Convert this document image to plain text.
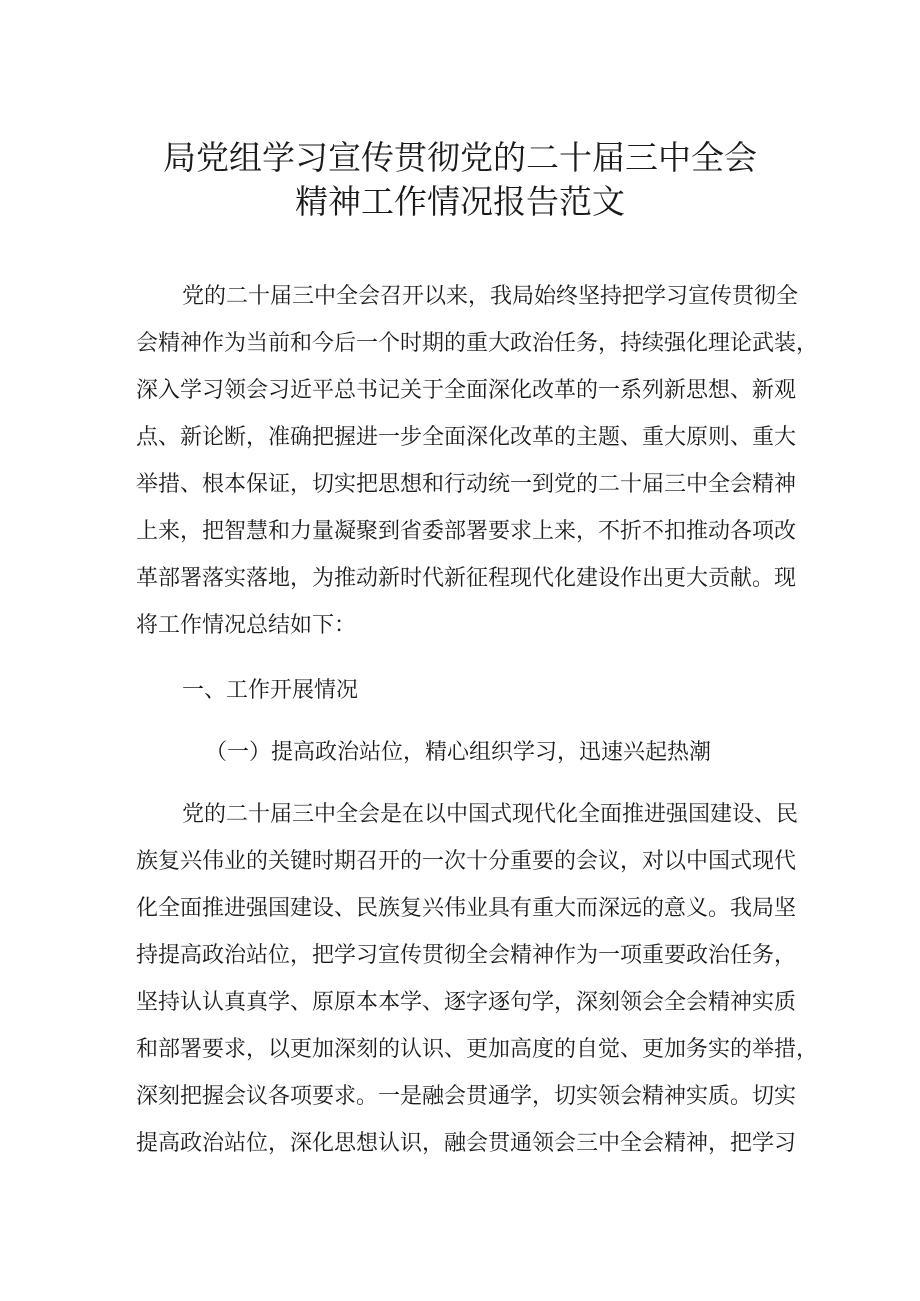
局党组学习宣传贯彻党的二十届三中全会
精神工作情况报告范文
党的二十届三中全会召开以来，我局始终坚持把学习宣传贯彻全
会精神作为当前和今后一个时期的重大政治任务，持续强化理论武装，
深入学习领会习近平总书记关于全面深化改革的一系列新思想、新观
点、新论断，准确把握进一步全面深化改革的主题、重大原则、重大
举措、根本保证，切实把思想和行动统一到党的二十届三中全会精神
上来，把智慧和力量凝聚到省委部署要求上来，不折不扣推动各项改
革部署落实落地，为推动新时代新征程现代化建设作出更大贡献。现
将工作情况总结如下：
一、工作开展情况
（一）提高政治站位，精心组织学习，迅速兴起热潮
党的二十届三中全会是在以中国式现代化全面推进强国建设、民
族复兴伟业的关键时期召开的一次十分重要的会议，对以中国式现代
化全面推进强国建设、民族复兴伟业具有重大而深远的意义。我局坚
持提高政治站位，把学习宣传贯彻全会精神作为一项重要政治任务，
坚持认认真真学、原原本本学、逐字逐句学，深刻领会全会精神实质
和部署要求，以更加深刻的认识、更加高度的自觉、更加务实的举措，
深刻把握会议各项要求。一是融会贯通学，切实领会精神实质。切实
提高政治站位，深化思想认识，融会贯通领会三中全会精神，把学习
